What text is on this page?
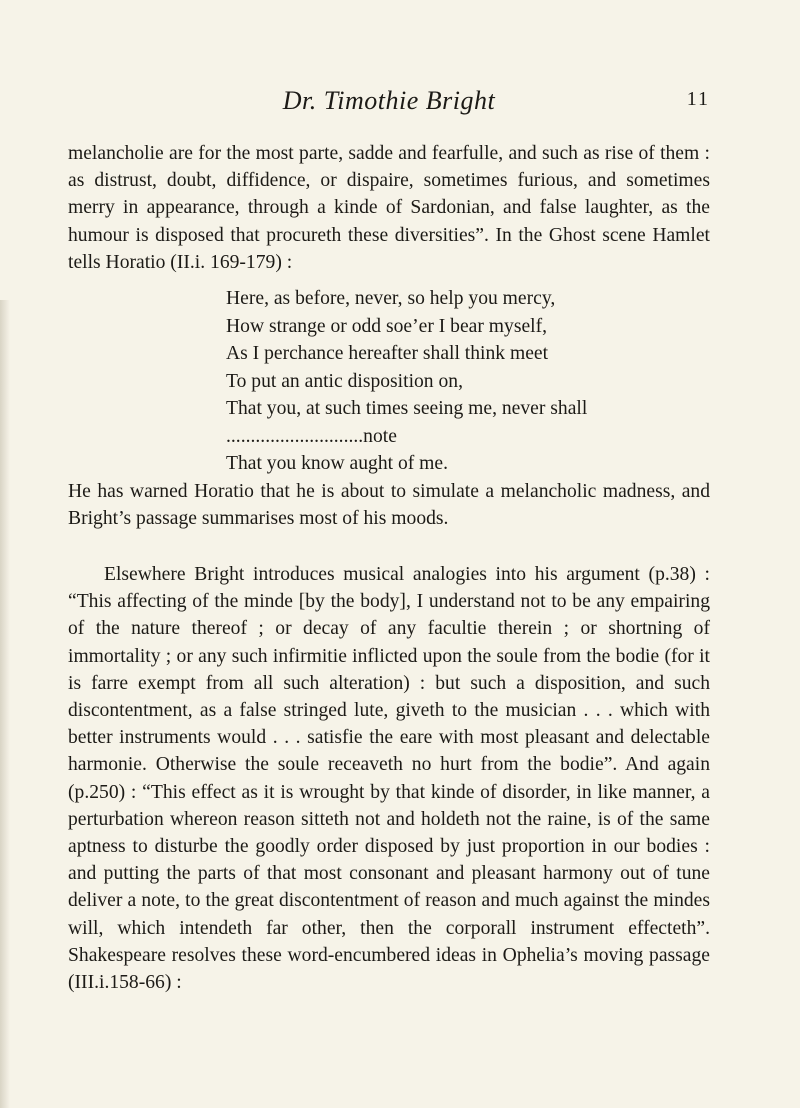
Dr. Timothie Bright	11

melancholie are for the most parte, sadde and fearfulle, and such as rise of them : as distrust, doubt, diffidence, or dispaire, sometimes furious, and sometimes merry in appearance, through a kinde of Sardonian, and false laughter, as the humour is disposed that procureth these diversities”. In the Ghost scene Hamlet tells Horatio (II.i. 169-179) :

Here, as before, never, so help you mercy,
How strange or odd soe’er I bear myself,
As I perchance hereafter shall think meet
To put an antic disposition on,
That you, at such times seeing me, never shall
............................note
That you know aught of me.

He has warned Horatio that he is about to simulate a melancholic madness, and Bright’s passage summarises most of his moods.

Elsewhere Bright introduces musical analogies into his argument (p.38) : “This affecting of the minde [by the body], I understand not to be any empairing of the nature thereof ; or decay of any facultie therein ; or shortning of immortality ; or any such infirmitie inflicted upon the soule from the bodie (for it is farre exempt from all such alteration) : but such a disposition, and such discontentment, as a false stringed lute, giveth to the musician . . . which with better instruments would . . . satisfie the eare with most pleasant and delectable harmonie. Otherwise the soule receaveth no hurt from the bodie”. And again (p.250) : “This effect as it is wrought by that kinde of disorder, in like manner, a perturbation whereon reason sitteth not and holdeth not the raine, is of the same aptness to disturbe the goodly order disposed by just proportion in our bodies : and putting the parts of that most consonant and pleasant harmony out of tune deliver a note, to the great discontentment of reason and much against the mindes will, which intendeth far other, then the corporall instrument effecteth”. Shakespeare resolves these word-encumbered ideas in Ophelia’s moving passage (III.i.158-66) :
